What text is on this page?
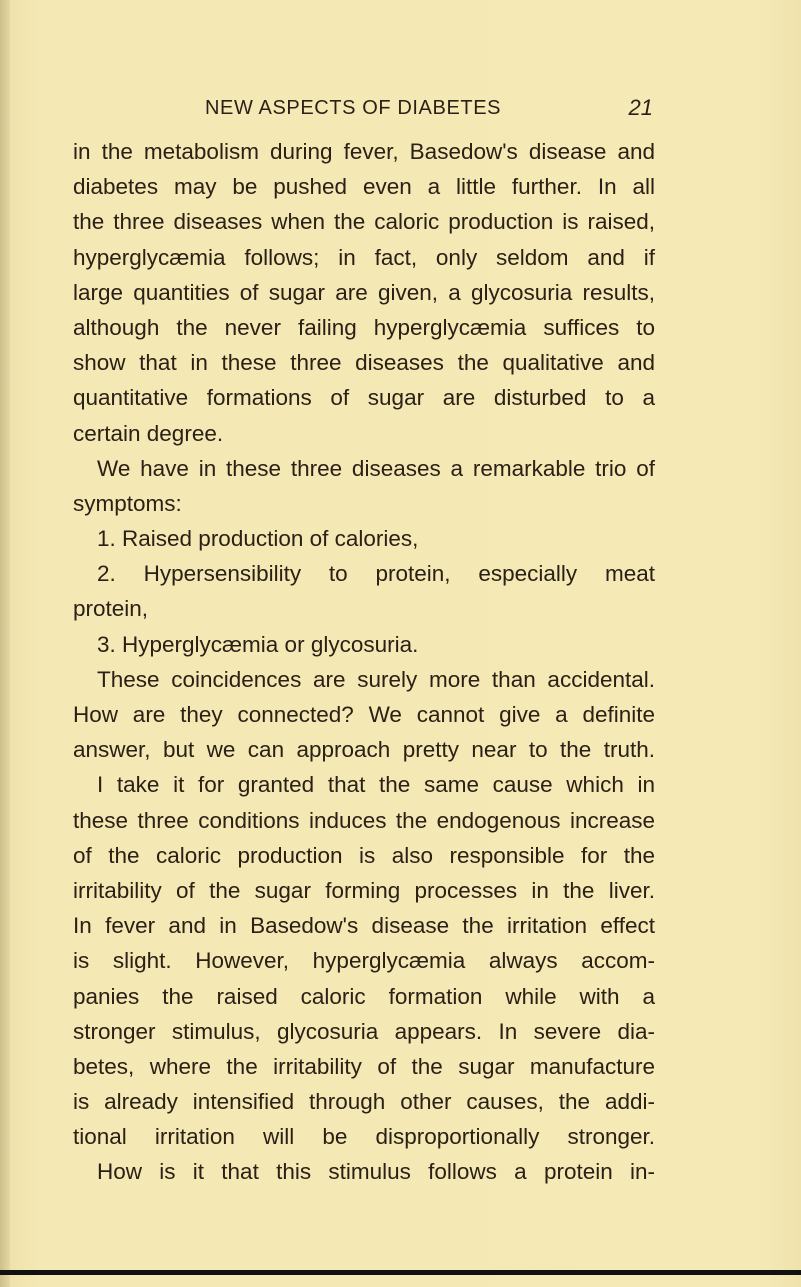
NEW ASPECTS OF DIABETES	21
in the metabolism during fever, Basedow's disease and
diabetes may be pushed even a little further. In all
the three diseases when the caloric production is raised,
hyperglycæmia follows; in fact, only seldom and if
large quantities of sugar are given, a glycosuria results,
although the never failing hyperglycæmia suffices to
show that in these three diseases the qualitative and
quantitative formations of sugar are disturbed to a
certain degree.
We have in these three diseases a remarkable trio of
symptoms:
1. Raised production of calories,
2. Hypersensibility to protein, especially meat
protein,
3. Hyperglycæmia or glycosuria.
These coincidences are surely more than accidental.
How are they connected? We cannot give a definite
answer, but we can approach pretty near to the truth.
I take it for granted that the same cause which in
these three conditions induces the endogenous increase
of the caloric production is also responsible for the
irritability of the sugar forming processes in the liver.
In fever and in Basedow's disease the irritation effect
is slight. However, hyperglycæmia always accom-
panies the raised caloric formation while with a
stronger stimulus, glycosuria appears. In severe dia-
betes, where the irritability of the sugar manufacture
is already intensified through other causes, the addi-
tional irritation will be disproportionally stronger.
How is it that this stimulus follows a protein in-
